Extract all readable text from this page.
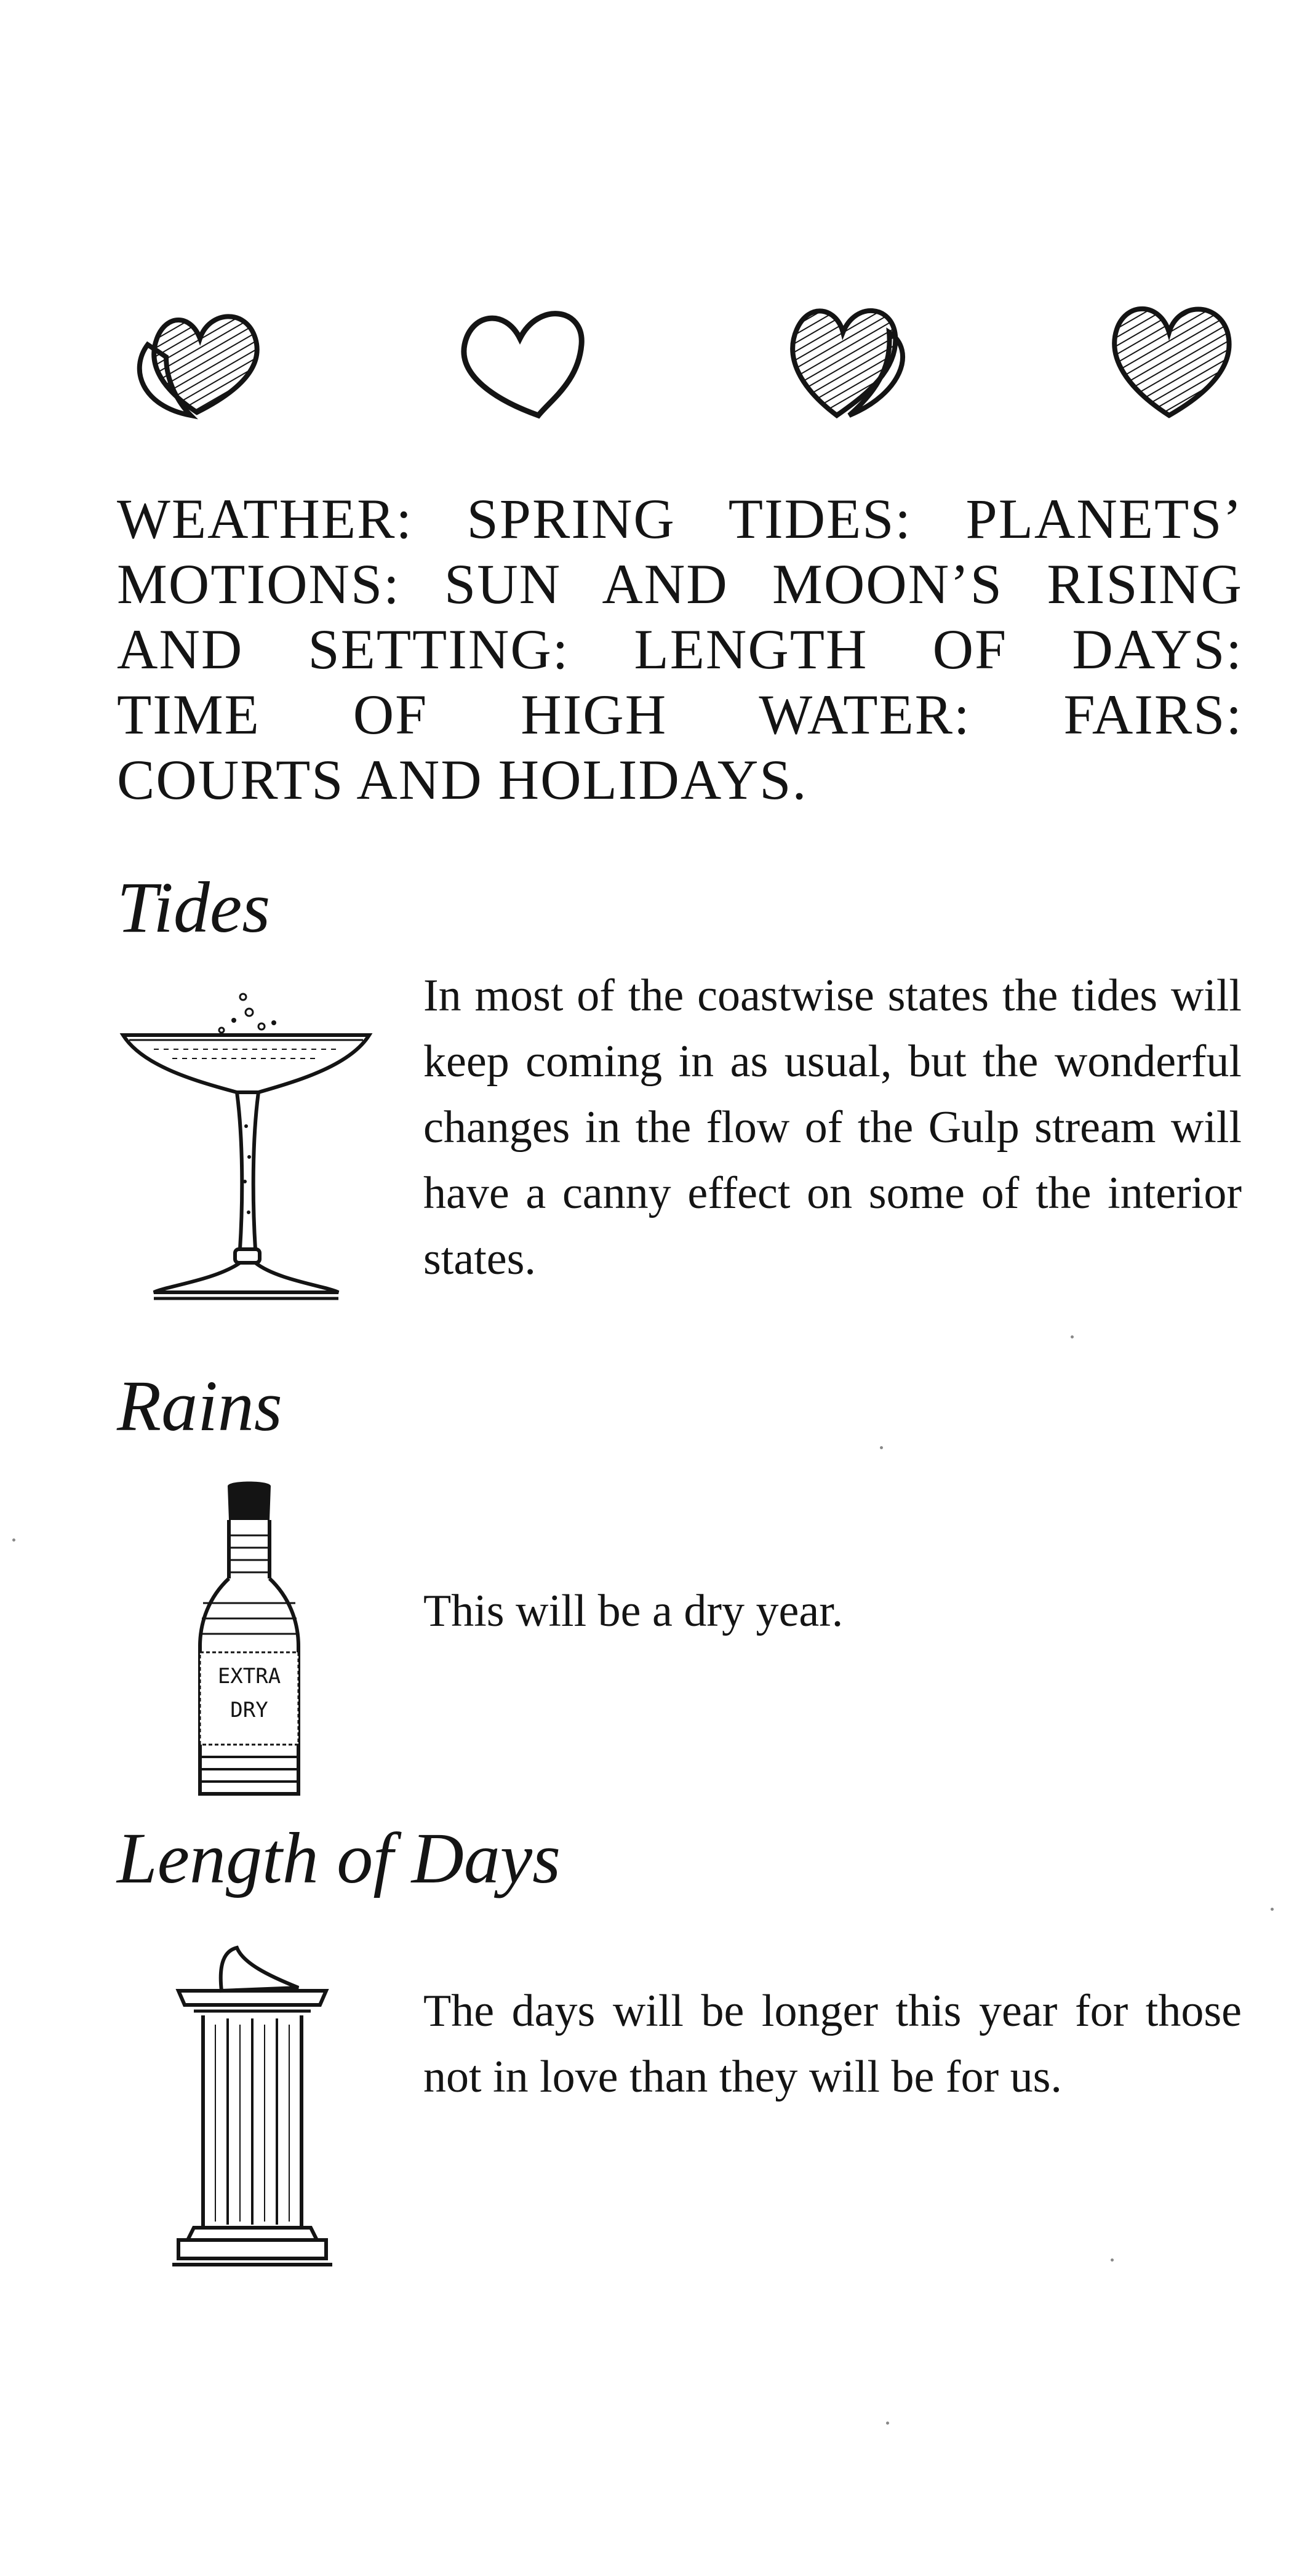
WEATHER: SPRING TIDES: PLANETS’
MOTIONS: SUN AND MOON’S RISING
AND SETTING: LENGTH OF DAYS:
TIME OF HIGH WATER: FAIRS:
COURTS AND HOLIDAYS.
Tides
In most of the coastwise states the tides will keep coming in as usual, but the wonderful changes in the flow of the Gulp stream will have a canny effect on some of the interior states.
Rains
EXTRA
DRY
This will be a dry year.
Length of Days
The days will be longer this year for those not in love than they will be for us.
